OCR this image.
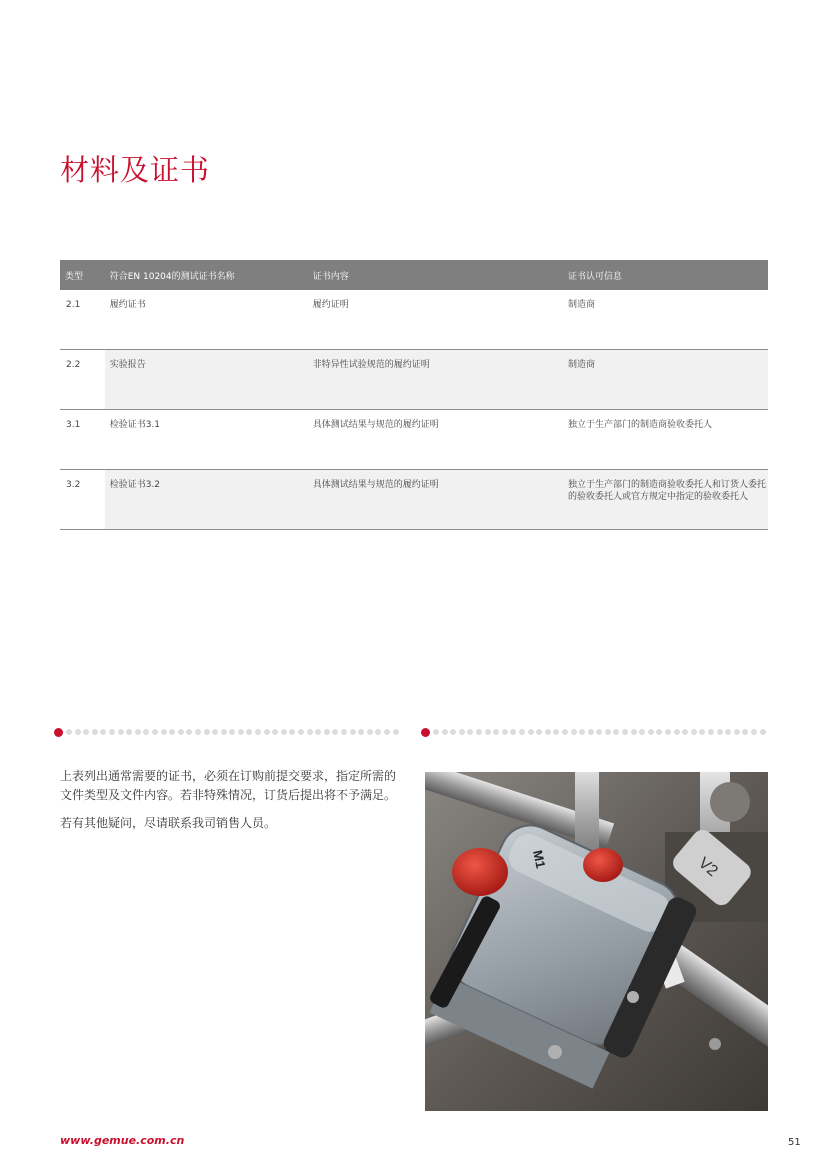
材料及证书
类型	符合EN 10204的测试证书名称	证书内容	证书认可信息
2.1	履约证书	履约证明	制造商

2.2	实验报告	非特异性试验规范的履约证明	制造商

3.1	检验证书3.1	具体测试结果与规范的履约证明	独立于生产部门的制造商验收委托人

3.2	检验证书3.2	具体测试结果与规范的履约证明	独立于生产部门的制造商验收委托人和订货人委托的验收委托人或官方规定中指定的验收委托人

上表列出通常需要的证书，必须在订购前提交要求，指定所需的文件类型及文件内容。若非特殊情况，订货后提出将不予满足。

若有其他疑问，尽请联系我司销售人员。

V2
M1
www.gemue.com.cn	51
